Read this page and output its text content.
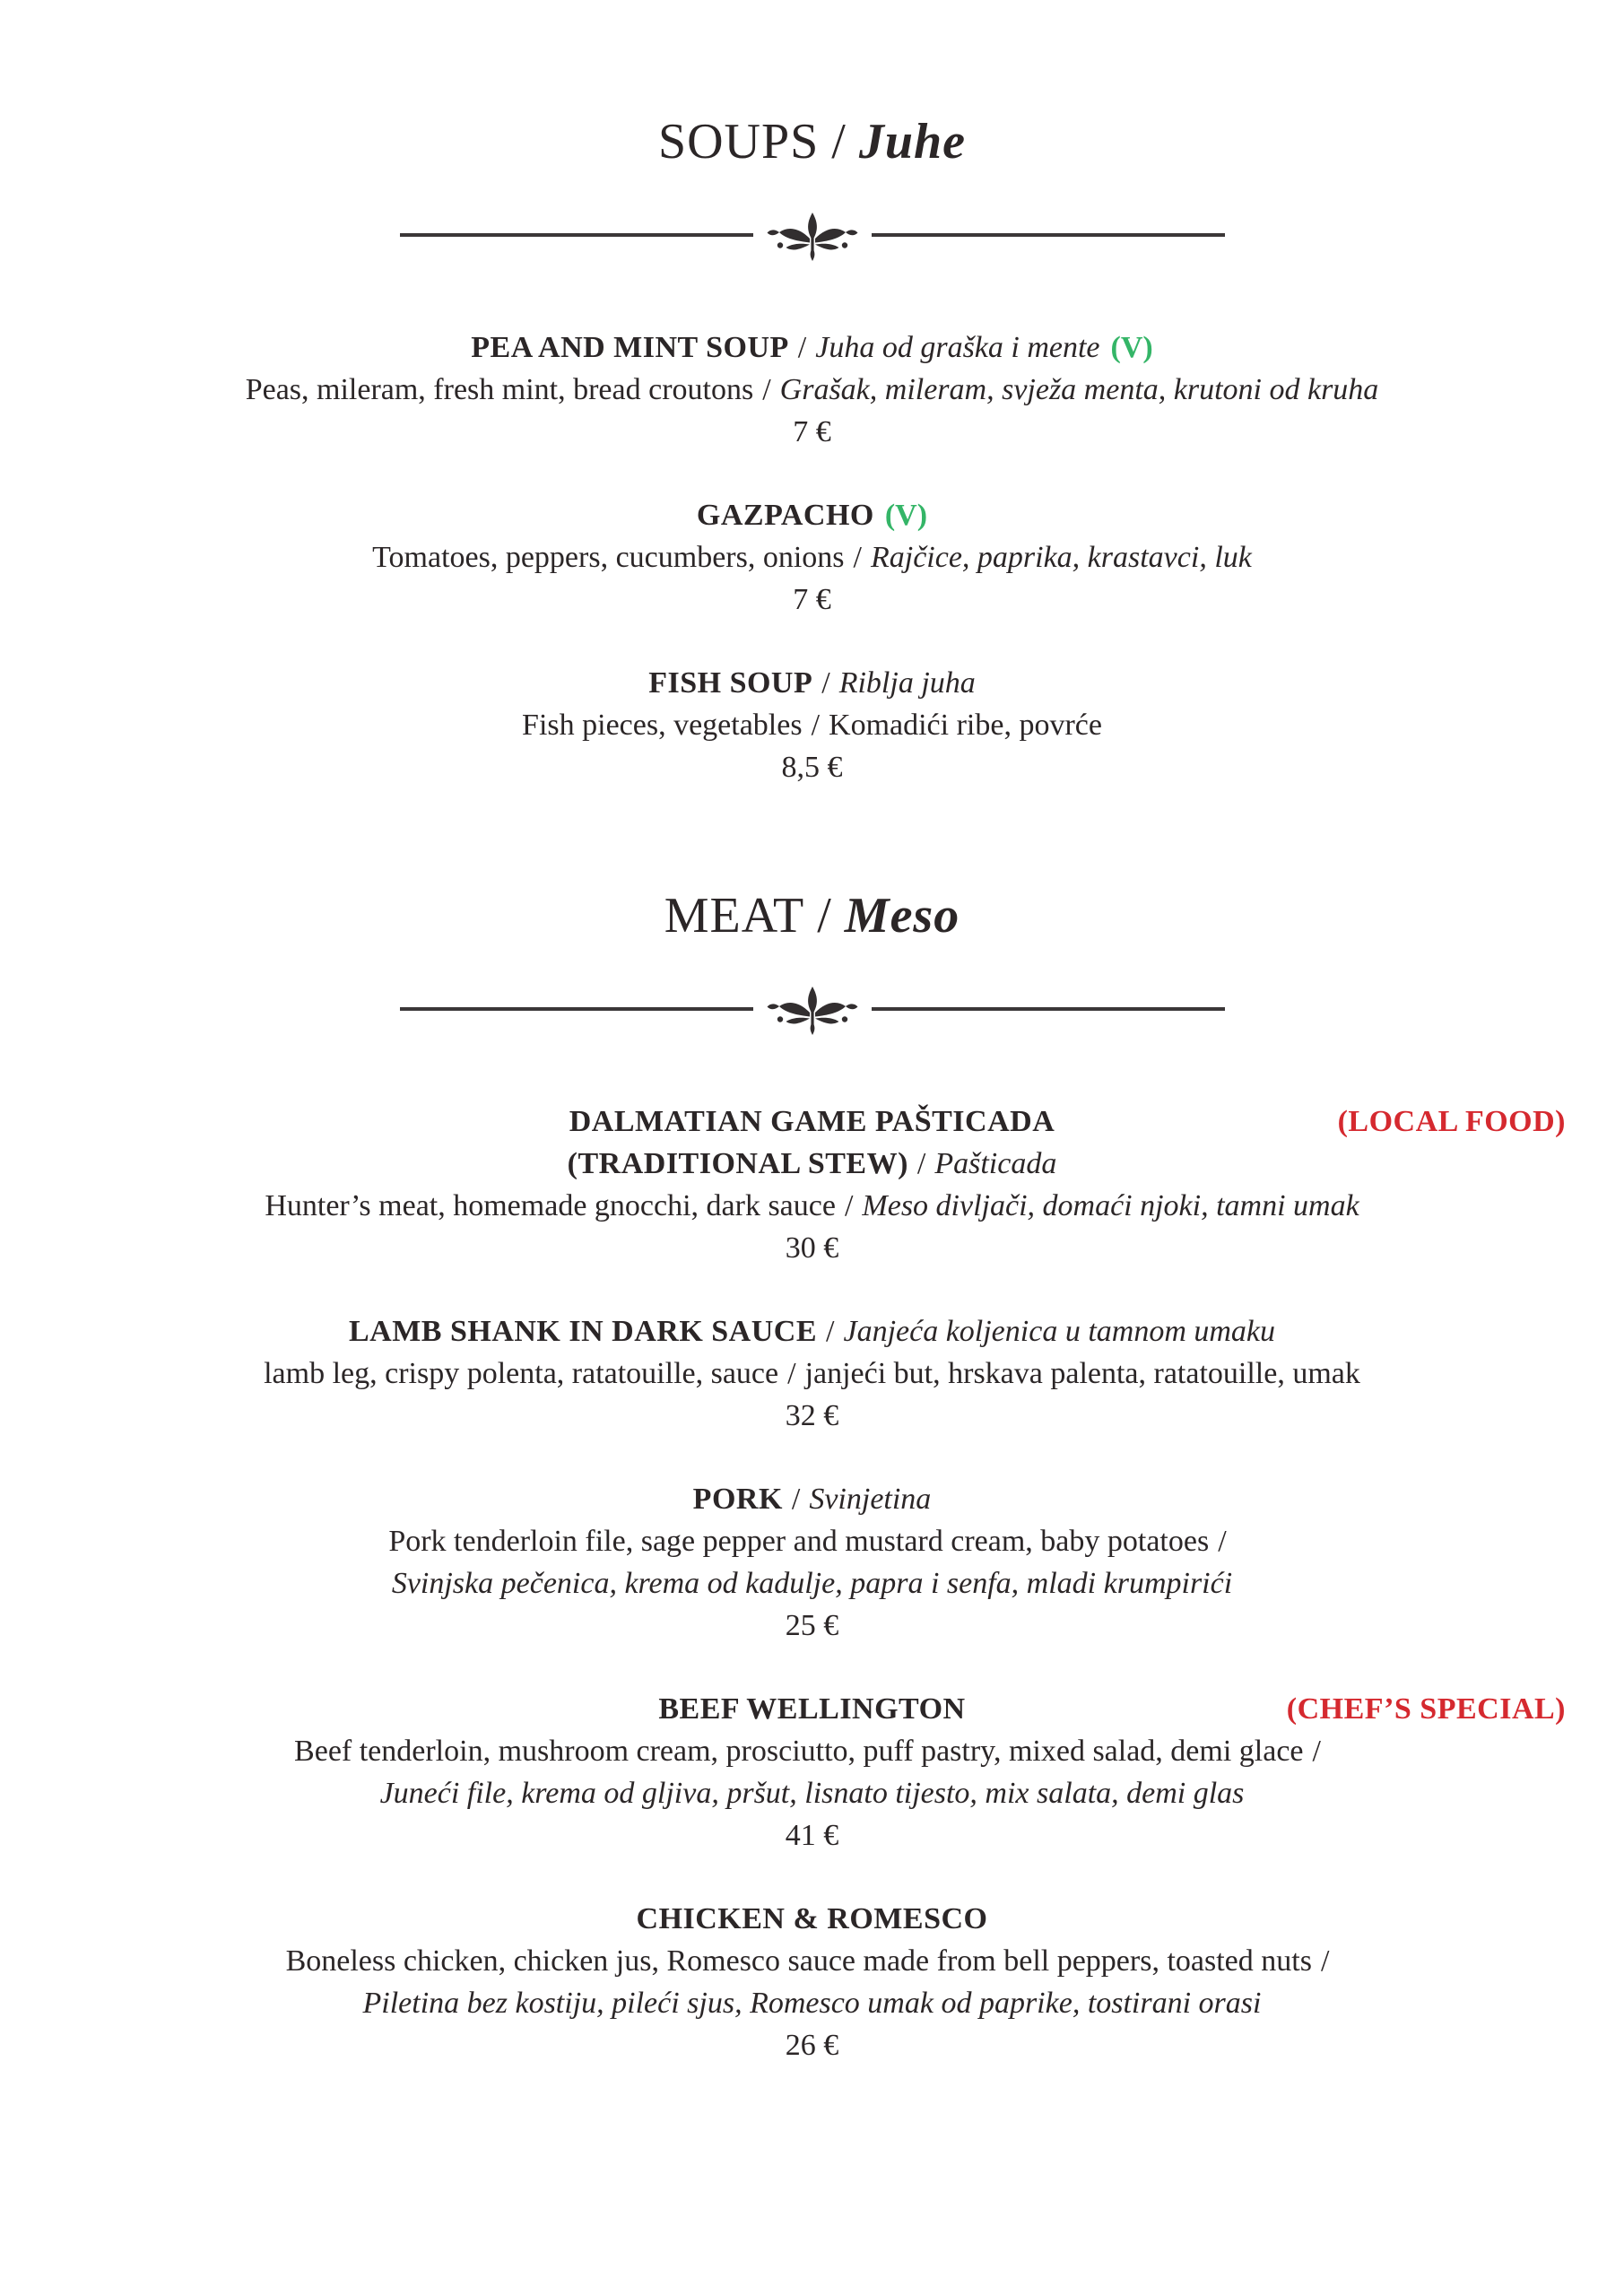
SOUPS / Juhe
PEA AND MINT SOUP / Juha od graška i mente (V)
Peas, mileram, fresh mint, bread croutons / Grašak, mileram, svježa menta, krutoni od kruha
7 €
GAZPACHO (V)
Tomatoes, peppers, cucumbers, onions / Rajčice, paprika, krastavci, luk
7 €
FISH SOUP / Riblja juha
Fish pieces, vegetables / Komadići ribe, povrće
8,5 €
MEAT / Meso
(LOCAL FOOD)
DALMATIAN GAME PAŠTICADA
(TRADITIONAL STEW) / Pašticada
Hunter’s meat, homemade gnocchi, dark sauce / Meso divljači, domaći njoki, tamni umak
30 €
LAMB SHANK IN DARK SAUCE / Janjeća koljenica u tamnom umaku
lamb leg, crispy polenta, ratatouille, sauce / janjeći but, hrskava palenta, ratatouille, umak
32 €
PORK / Svinjetina
Pork tenderloin file, sage pepper and mustard cream, baby potatoes /
Svinjska pečenica, krema od kadulje, papra i senfa, mladi krumpirići
25 €
(CHEF’S SPECIAL)
BEEF WELLINGTON
Beef tenderloin, mushroom cream, prosciutto, puff pastry, mixed salad, demi glace /
Juneći file, krema od gljiva, pršut, lisnato tijesto, mix salata, demi glas
41 €
CHICKEN & ROMESCO
Boneless chicken, chicken jus, Romesco sauce made from bell peppers, toasted nuts /
Piletina bez kostiju, pileći sjus, Romesco umak od paprike, tostirani orasi
26 €
